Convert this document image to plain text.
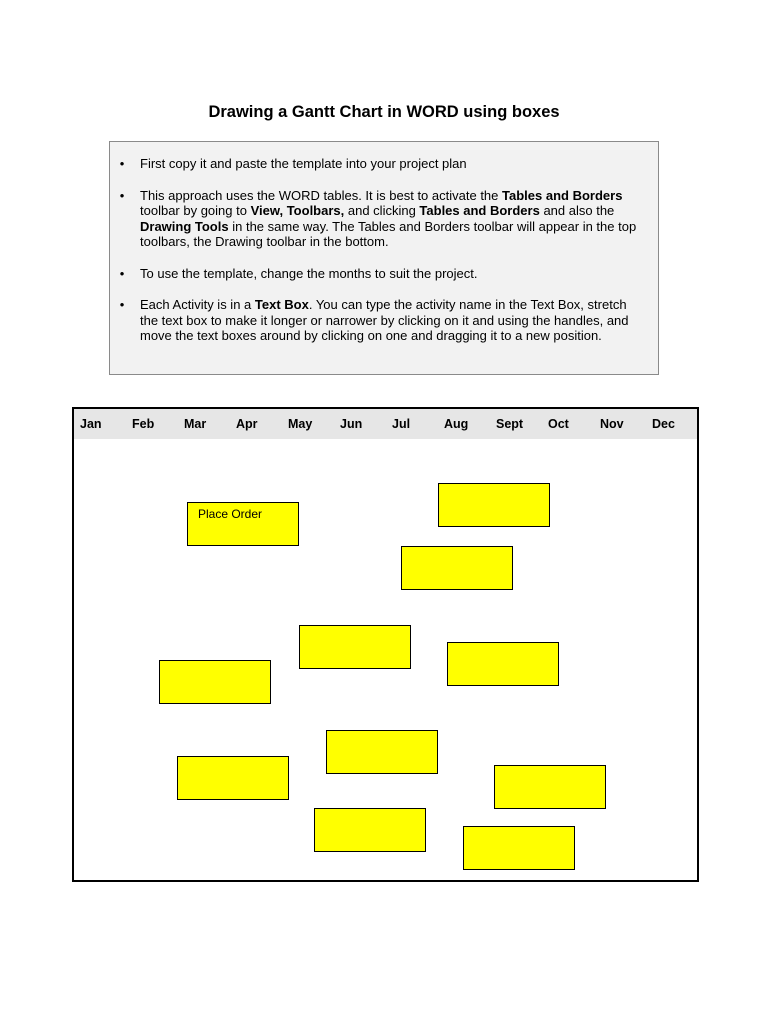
Drawing a Gantt Chart in WORD using boxes
• First copy it and paste the template into your project plan
• This approach uses the WORD tables. It is best to activate the Tables and Borders toolbar by going to View, Toolbars, and clicking Tables and Borders and also the Drawing Tools in the same way. The Tables and Borders toolbar will appear in the top toolbars, the Drawing toolbar in the bottom.
• To use the template, change the months to suit the project.
• Each Activity is in a Text Box. You can type the activity name in the Text Box, stretch the text box to make it longer or narrower by clicking on it and using the handles, and move the text boxes around by clicking on one and dragging it to a new position.
Jan Feb Mar Apr May Jun Jul	Aug Sept Oct Nov Dec
Place Order
